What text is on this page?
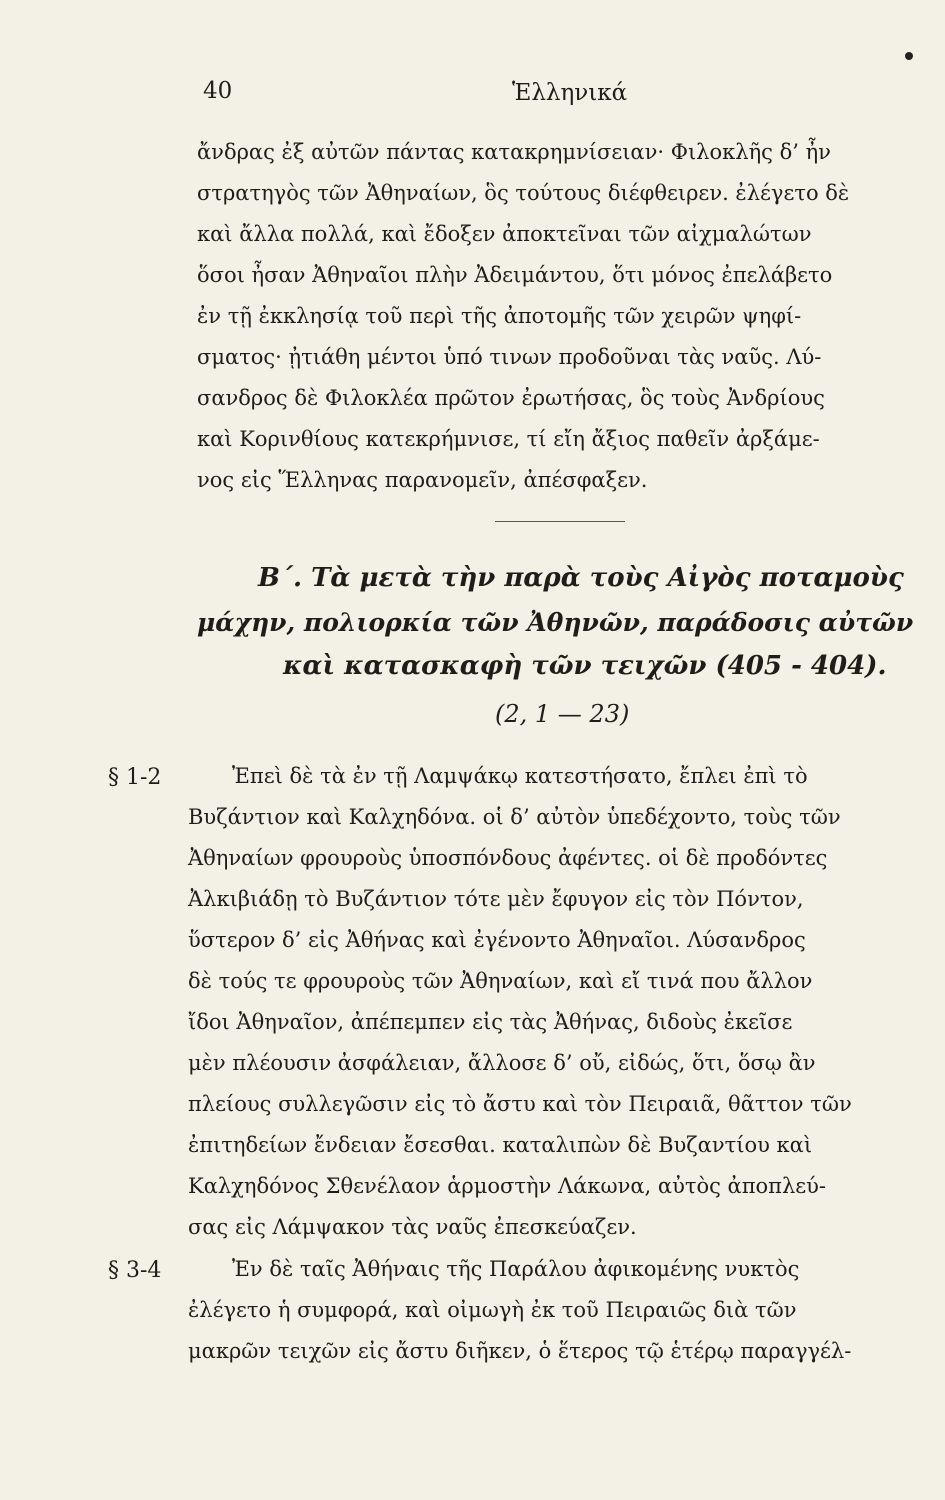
40	Ἑλληνικά
ἄνδρας ἐξ αὐτῶν πάντας κατακρημνίσειαν· Φιλοκλῆς δ’ ἦν
στρατηγὸς τῶν Ἀθηναίων, ὃς τούτους διέφθειρεν. ἐλέγετο δὲ
καὶ ἄλλα πολλά, καὶ ἔδοξεν ἀποκτεῖναι τῶν αἰχμαλώτων
ὅσοι ἦσαν Ἀθηναῖοι πλὴν Ἀδειμάντου, ὅτι μόνος ἐπελάβετο
ἐν τῇ ἐκκλησίᾳ τοῦ περὶ τῆς ἀποτομῆς τῶν χειρῶν ψηφί-
σματος· ᾐτιάθη μέντοι ὑπό τινων προδοῦναι τὰς ναῦς. Λύ-
σανδρος δὲ Φιλοκλέα πρῶτον ἐρωτήσας, ὃς τοὺς Ἀνδρίους
καὶ Κορινθίους κατεκρήμνισε, τί εἴη ἄξιος παθεῖν ἀρξάμε-
νος εἰς Ἕλληνας παρανομεῖν, ἀπέσφαξεν.
Β΄. Τὰ μετὰ τὴν παρὰ τοὺς Αἰγὸς ποταμοὺς
μάχην, πολιορκία τῶν Ἀθηνῶν, παράδοσις αὐτῶν
καὶ κατασκαφὴ τῶν τειχῶν (405 - 404).
(2, 1 — 23)
§ 1-2	Ἐπεὶ δὲ τὰ ἐν τῇ Λαμψάκῳ κατεστήσατο, ἔπλει ἐπὶ τὸ
Βυζάντιον καὶ Καλχηδόνα. οἱ δ’ αὐτὸν ὑπεδέχοντο, τοὺς τῶν
Ἀθηναίων φρουροὺς ὑποσπόνδους ἀφέντες. οἱ δὲ προδόντες
Ἀλκιβιάδῃ τὸ Βυζάντιον τότε μὲν ἔφυγον εἰς τὸν Πόντον,
ὕστερον δ’ εἰς Ἀθήνας καὶ ἐγένοντο Ἀθηναῖοι. Λύσανδρος
δὲ τούς τε φρουροὺς τῶν Ἀθηναίων, καὶ εἴ τινά που ἄλλον
ἴδοι Ἀθηναῖον, ἀπέπεμπεν εἰς τὰς Ἀθήνας, διδοὺς ἐκεῖσε
μὲν πλέουσιν ἀσφάλειαν, ἄλλοσε δ’ οὔ, εἰδώς, ὅτι, ὅσῳ ἂν
πλείους συλλεγῶσιν εἰς τὸ ἄστυ καὶ τὸν Πειραιᾶ, θᾶττον τῶν
ἐπιτηδείων ἔνδειαν ἔσεσθαι. καταλιπὼν δὲ Βυζαντίου καὶ
Καλχηδόνος Σθενέλαον ἁρμοστὴν Λάκωνα, αὐτὸς ἀποπλεύ-
σας εἰς Λάμψακον τὰς ναῦς ἐπεσκεύαζεν.
§ 3-4	Ἐν δὲ ταῖς Ἀθήναις τῆς Παράλου ἀφικομένης νυκτὸς
ἐλέγετο ἡ συμφορά, καὶ οἰμωγὴ ἐκ τοῦ Πειραιῶς διὰ τῶν
μακρῶν τειχῶν εἰς ἄστυ διῆκεν, ὁ ἕτερος τῷ ἑτέρῳ παραγγέλ-
